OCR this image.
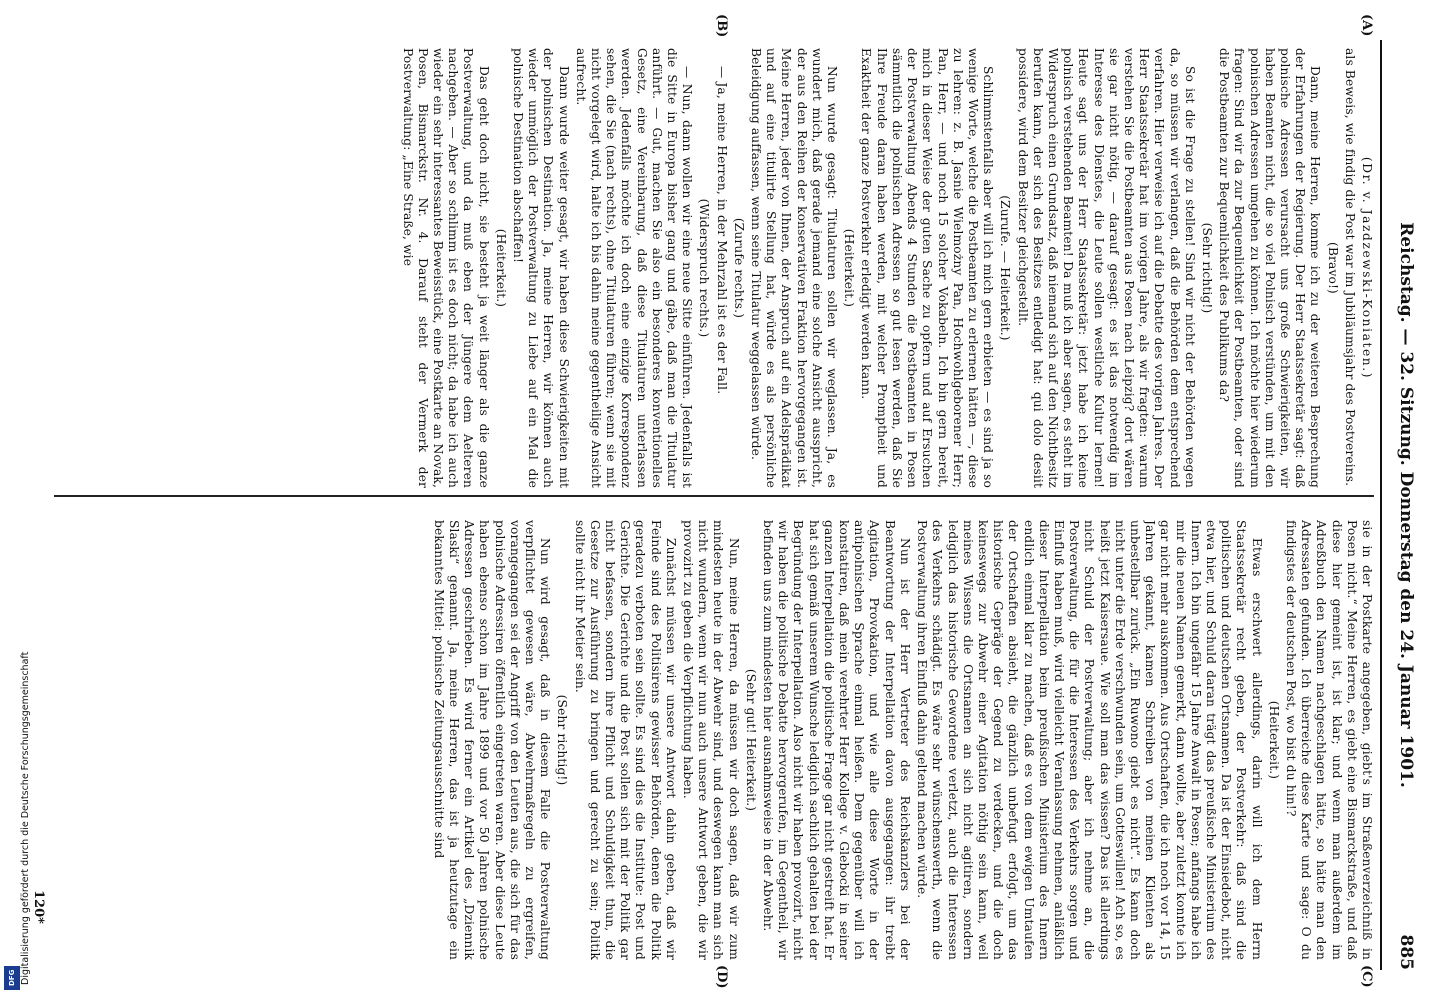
Reichstag. — 32. Sitzung. Donnerstag den 24. Januar 1901.
885
(A)
(B)
(C)
(D)

(Dr. v. Jazdzewski-Koniaten.)

als Beweis, wie findig die Post war im Jubiläumsjahr des Postvereins.

(Bravo!)

Dann, meine Herren, komme ich zu der weiteren Besprechung der Erfahrungen der Regierung. Der Herr Staatssekretär sagt: daß polnische Adressen verursacht uns große Schwierigkeiten, wir haben Beamten nicht, die so viel Polnisch verstünden, um mit den polnischen Adressen umgehen zu können. Ich möchte hier wiederum fragen: Sind wir da zur Bequemlichkeit der Postbeamten, oder sind die Postbeamten zur Bequemlichkeit des Publikums da?

(Sehr richtig!)

So ist die Frage zu stellen! Sind wir nicht der Behörden wegen da, so müssen wir verlangen, daß die Behörden dem entsprechend verfahren. Hier verweise ich auf die Debatte des vorigen Jahres. Der Herr Staatssekretär hat im vorigen Jahre, als wir fragten: warum verstehen Sie die Postbeamten aus Posen nach Leipzig? dort wären sie gar nicht nötig, — darauf gesagt: es ist das notwendig im Interesse des Dienstes, die Leute sollen westliche Kultur lernen! Heute sagt uns der Herr Staatssekretär: jetzt habe ich keine polnisch verstehenden Beamten! Da muß ich aber sagen, es steht im Widerspruch einen Grundsatz, daß niemand sich auf den Nichtbesitz berufen kann, der sich des Besitzes entledigt hat: qui dolo desiit possidere, wird dem Besitzer gleichgestellt.

(Zurufe. — Heiterkeit.)

Schlimmstenfalls aber will ich mich gern erbieten — es sind ja so wenige Worte, welche die Postbeamten zu erlernen hätten —, diese zu lehren: z. B. Jasnie Wielmożny Pan, Hochwohlgeborener Herr; Pan, Herr, — und noch 15 solcher Vokabeln. Ich bin gern bereit, mich in dieser Weise der guten Sache zu opfern und auf Ersuchen der Postverwaltung Abends 4 Stunden die Postbeamten in Posen sämmtlich die polnischen Adressen so gut lesen werden, daß Sie Ihre Freude daran haben werden, mit welcher Promptheit und Exaktheit der ganze Postverkehr erledigt werden kann.

(Heiterkeit.)

Nun wurde gesagt: Titulaturen sollen wir weglassen. Ja, es wundert mich, daß gerade jemand eine solche Ansicht ausspricht, der aus den Reihen der konservativen Fraktion hervorgegangen ist. Meine Herren, jeder von Ihnen, der Anspruch auf ein Adelsprädikat und auf eine titulirte Stellung hat, würde es als persönliche Beleidigung auffassen, wenn seine Titulatur weggelassen würde.

(Zurufe rechts.)

— Ja, meine Herren, in der Mehrzahl ist es der Fall.

(Widerspruch rechts.)

— Nun, dann wollen wir eine neue Sitte einführen. Jedenfalls ist die Sitte in Europa bisher gang und gäbe, daß man die Titulatur anführt. — Gut, machen Sie also ein besonderes konventionelles Gesetz, eine Vereinbarung, daß diese Titulaturen unterlassen werden. Jedenfalls möchte ich doch eine einzige Korrespondenz sehen, die Sie (nach rechts), ohne Titulaturen führen; wenn sie mit nicht vorgelegt wird, halte ich bis dahin meine gegentheilige Ansicht aufrecht.

Dann wurde weiter gesagt, wir haben diese Schwierigkeiten mit der polnischen Destination. Ja, meine Herren, wir können auch wieder unmöglich der Postverwaltung zu Liebe auf ein Mal die polnische Destination abschaffen!

(Heiterkeit.)

Das geht doch nicht, sie besteht ja weit länger als die ganze Postverwaltung, und da muß eben der Jüngere dem Aelteren nachgeben. — Aber so schlimm ist es doch nicht; da habe ich auch wieder ein sehr interessantes Beweisstück, eine Postkarte an Novak, Posen, Bismarckstr. Nr. 4. Darauf steht der Vermerk der Postverwaltung: „Eine Straße, wie

sie in der Postkarte angegeben, giebt's im Straßenverzeichniß in Posen nicht.“ Meine Herren, es giebt eine Bismarckstraße, und daß diese hier gemeint ist, ist klar; und wenn man außerdem im Adreßbuch den Namen nachgeschlagen hätte, so hätte man den Adressaten gefunden. Ich überreiche diese Karte und sage: O du findigstes der deutschen Post, wo bist du hin!?

(Heiterkeit.)

Etwas erschwert allerdings, darin will ich dem Herrn Staatssekretär recht geben, der Postverkehr: daß sind die politischen und deutschen Ortsnamen. Da ist der Einsiedebot, nicht etwa hier, und Schuld daran trägt das preußische Ministerium des Innern. Ich bin ungefähr 15 Jahre Anwalt in Posen; anfangs habe ich mir die neuen Namen gemerkt, dann wollte, aber zuletzt konnte ich gar nicht mehr auskommen. Aus Ortschaften, die ich noch vor 14, 15 Jahren gekannt, kamen Schreiben von meinen Klienten als unbestellbar zurück. „Ein Ruwono giebt es nicht“. Es kann doch nicht unter die Erde verschwunden sein, um Gotteswillen! Ach so, es heißt jetzt Kaisersaue. Wie soll man das wissen? Das ist allerdings nicht Schuld der Postverwaltung; aber ich nehme an, die Postverwaltung, die für die Interessen des Verkehrs sorgen und Einfluß haben muß, wird vielleicht Veranlassung nehmen, anläßlich dieser Interpellation beim preußischen Ministerium des Innern endlich einmal klar zu machen, daß es von dem ewigen Umtaufen der Ortschaften absieht, die gänzlich unbefugt erfolgt, um das historische Gepräge der Gegend zu verdecken, und die doch keineswegs zur Abwehr einer Agitation nöthig sein kann, weil meines Wissens die Ortsnamen an sich nicht agitiren, sondern lediglich das historische Gewordene verletzt, auch die Interessen des Verkehrs schädigt. Es wäre sehr wünschenswerth, wenn die Postverwaltung ihren Einfluß dahin geltend machen würde.

Nun ist der Herr Vertreter des Reichskanzlers bei der Beantwortung der Interpellation davon ausgegangen: ihr treibt Agitation, Provokation, und wie alle diese Worte in der antipolnischen Sprache einmal heißen. Dem gegenüber will ich konstatiren, daß mein verehrter Herr Kollege v. Glebocki in seiner ganzen Interpellation die politische Frage gar nicht gestreift hat. Er hat sich gemäß unserem Wunsche lediglich sachlich gehalten bei der Begründung der Interpellation. Also nicht wir haben provozirt, nicht wir haben die politische Debatte hervorgerufen, im Gegentheil, wir befinden uns zum mindesten hier ausnahmsweise in der Abwehr.

(Sehr gut! Heiterkeit.)

Nun, meine Herren, da müssen wir doch sagen, daß wir zum mindesten heute in der Abwehr sind, und deswegen kann man sich nicht wundern, wenn wir nun auch unsere Antwort geben, die wir provozirt zu geben die Verpflichtung haben.

Zunächst müssen wir unsere Antwort dahin geben, daß wir Feinde sind des Politisirens gewisser Behörden, denen die Politik geradezu verboten sein sollte. Es sind dies die Institute: Post und Gerichte. Die Gerichte und die Post sollen sich mit der Politik gar nicht befassen, sondern ihre Pflicht und Schuldigkeit thun, die Gesetze zur Ausführung zu bringen und gerecht zu sein; Politik sollte nicht ihr Metier sein.

(Sehr richtig!)

Nun wird gesagt, daß in diesem Falle die Postverwaltung verpflichtet gewesen wäre, Abwehrmaßregeln zu ergreifen, vorangegangen sei der Angriff von den Leuten aus, die sich für das polnische Adressiren öffentlich eingetreten waren. Aber diese Leute haben ebenso schon im Jahre 1899 und vor 50 Jahren polnische Adressen geschrieben. Es wird ferner ein Artikel des „Dziennik Slaski“ genannt. Ja, meine Herren, das ist ja heutzutage ein bekanntes Mittel: polnische Zeitungsausschnitte sind

120*
Digitalisierung gefördert durch die Deutsche Forschungsgemeinschaft
DFG
